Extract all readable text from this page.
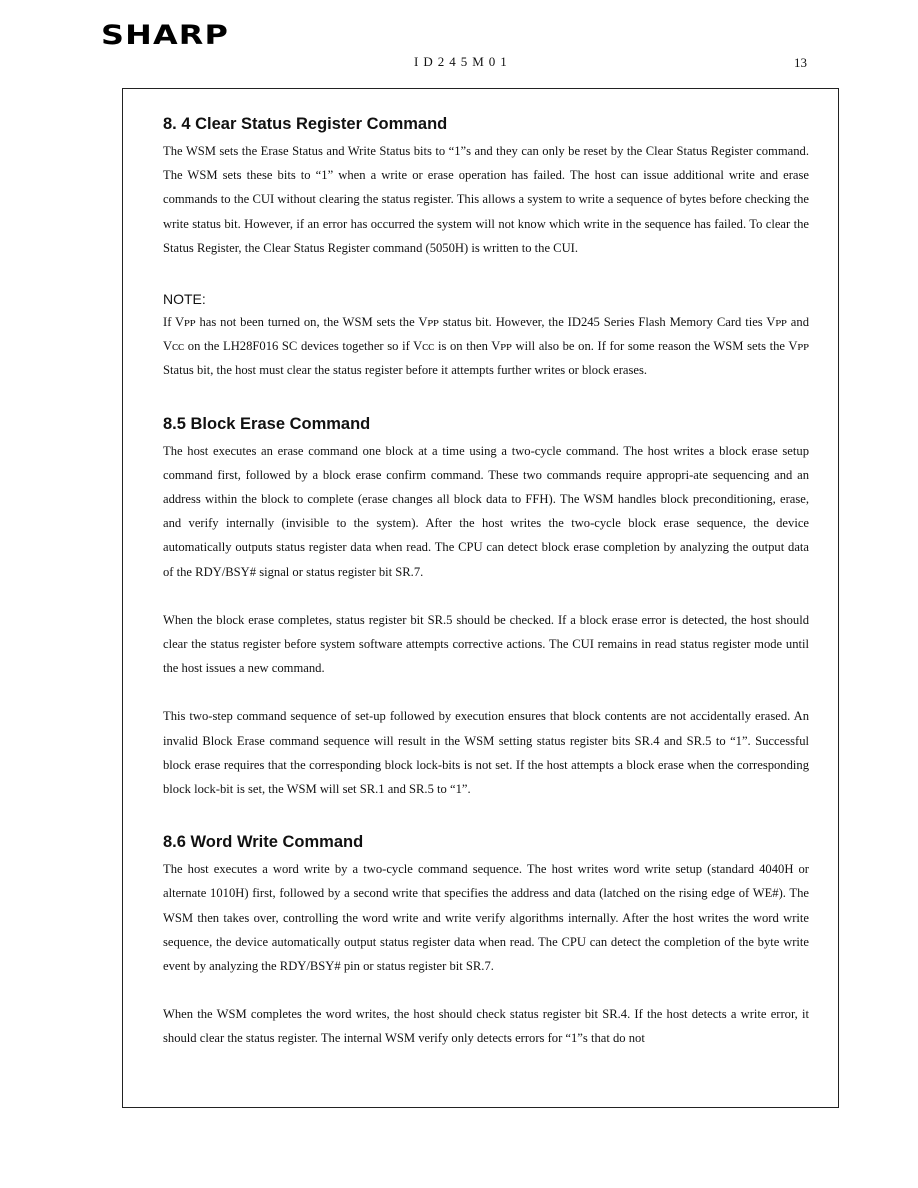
SHARP
ID245M01	13
8. 4 Clear Status Register Command

The WSM sets the Erase Status and Write Status bits to “1”s and they can only be reset by the Clear Status Register command. The WSM sets these bits to “1” when a write or erase operation has failed. The host can issue additional write and erase commands to the CUI without clearing the status register. This allows a system to write a sequence of bytes before checking the write status bit. However, if an error has occurred the system will not know which write in the sequence has failed. To clear the Status Register, the Clear Status Register command (5050H) is written to the CUI.

NOTE:

If Vᴘᴘ has not been turned on, the WSM sets the Vᴘᴘ status bit. However, the ID245 Series Flash Memory Card ties Vᴘᴘ and Vᴄᴄ on the LH28F016 SC devices together so if Vᴄᴄ is on then Vᴘᴘ will also be on. If for some reason the WSM sets the Vᴘᴘ Status bit, the host must clear the status register before it attempts further writes or block erases.

8.5 Block Erase Command

The host executes an erase command one block at a time using a two-cycle command. The host writes a block erase setup command first, followed by a block erase confirm command. These two commands require appropri-ate sequencing and an address within the block to complete (erase changes all block data to FFH). The WSM handles block preconditioning, erase, and verify internally (invisible to the system). After the host writes the two-cycle block erase sequence, the device automatically outputs status register data when read. The CPU can detect block erase completion by analyzing the output data of the RDY/BSY# signal or status register bit SR.7.

When the block erase completes, status register bit SR.5 should be checked. If a block erase error is detected, the host should clear the status register before system software attempts corrective actions. The CUI remains in read status register mode until the host issues a new command.

This two-step command sequence of set-up followed by execution ensures that block contents are not accidentally erased. An invalid Block Erase command sequence will result in the WSM setting status register bits SR.4 and SR.5 to “1”. Successful block erase requires that the corresponding block lock-bits is not set. If the host attempts a block erase when the corresponding block lock-bit is set, the WSM will set SR.1 and SR.5 to “1”.

8.6 Word Write Command

The host executes a word write by a two-cycle command sequence. The host writes word write setup (standard 4040H or alternate 1010H) first, followed by a second write that specifies the address and data (latched on the rising edge of WE#). The WSM then takes over, controlling the word write and write verify algorithms internally. After the host writes the word write sequence, the device automatically output status register data when read. The CPU can detect the completion of the byte write event by analyzing the RDY/BSY# pin or status register bit SR.7.

When the WSM completes the word writes, the host should check status register bit SR.4. If the host detects a write error, it should clear the status register. The internal WSM verify only detects errors for “1”s that do not
